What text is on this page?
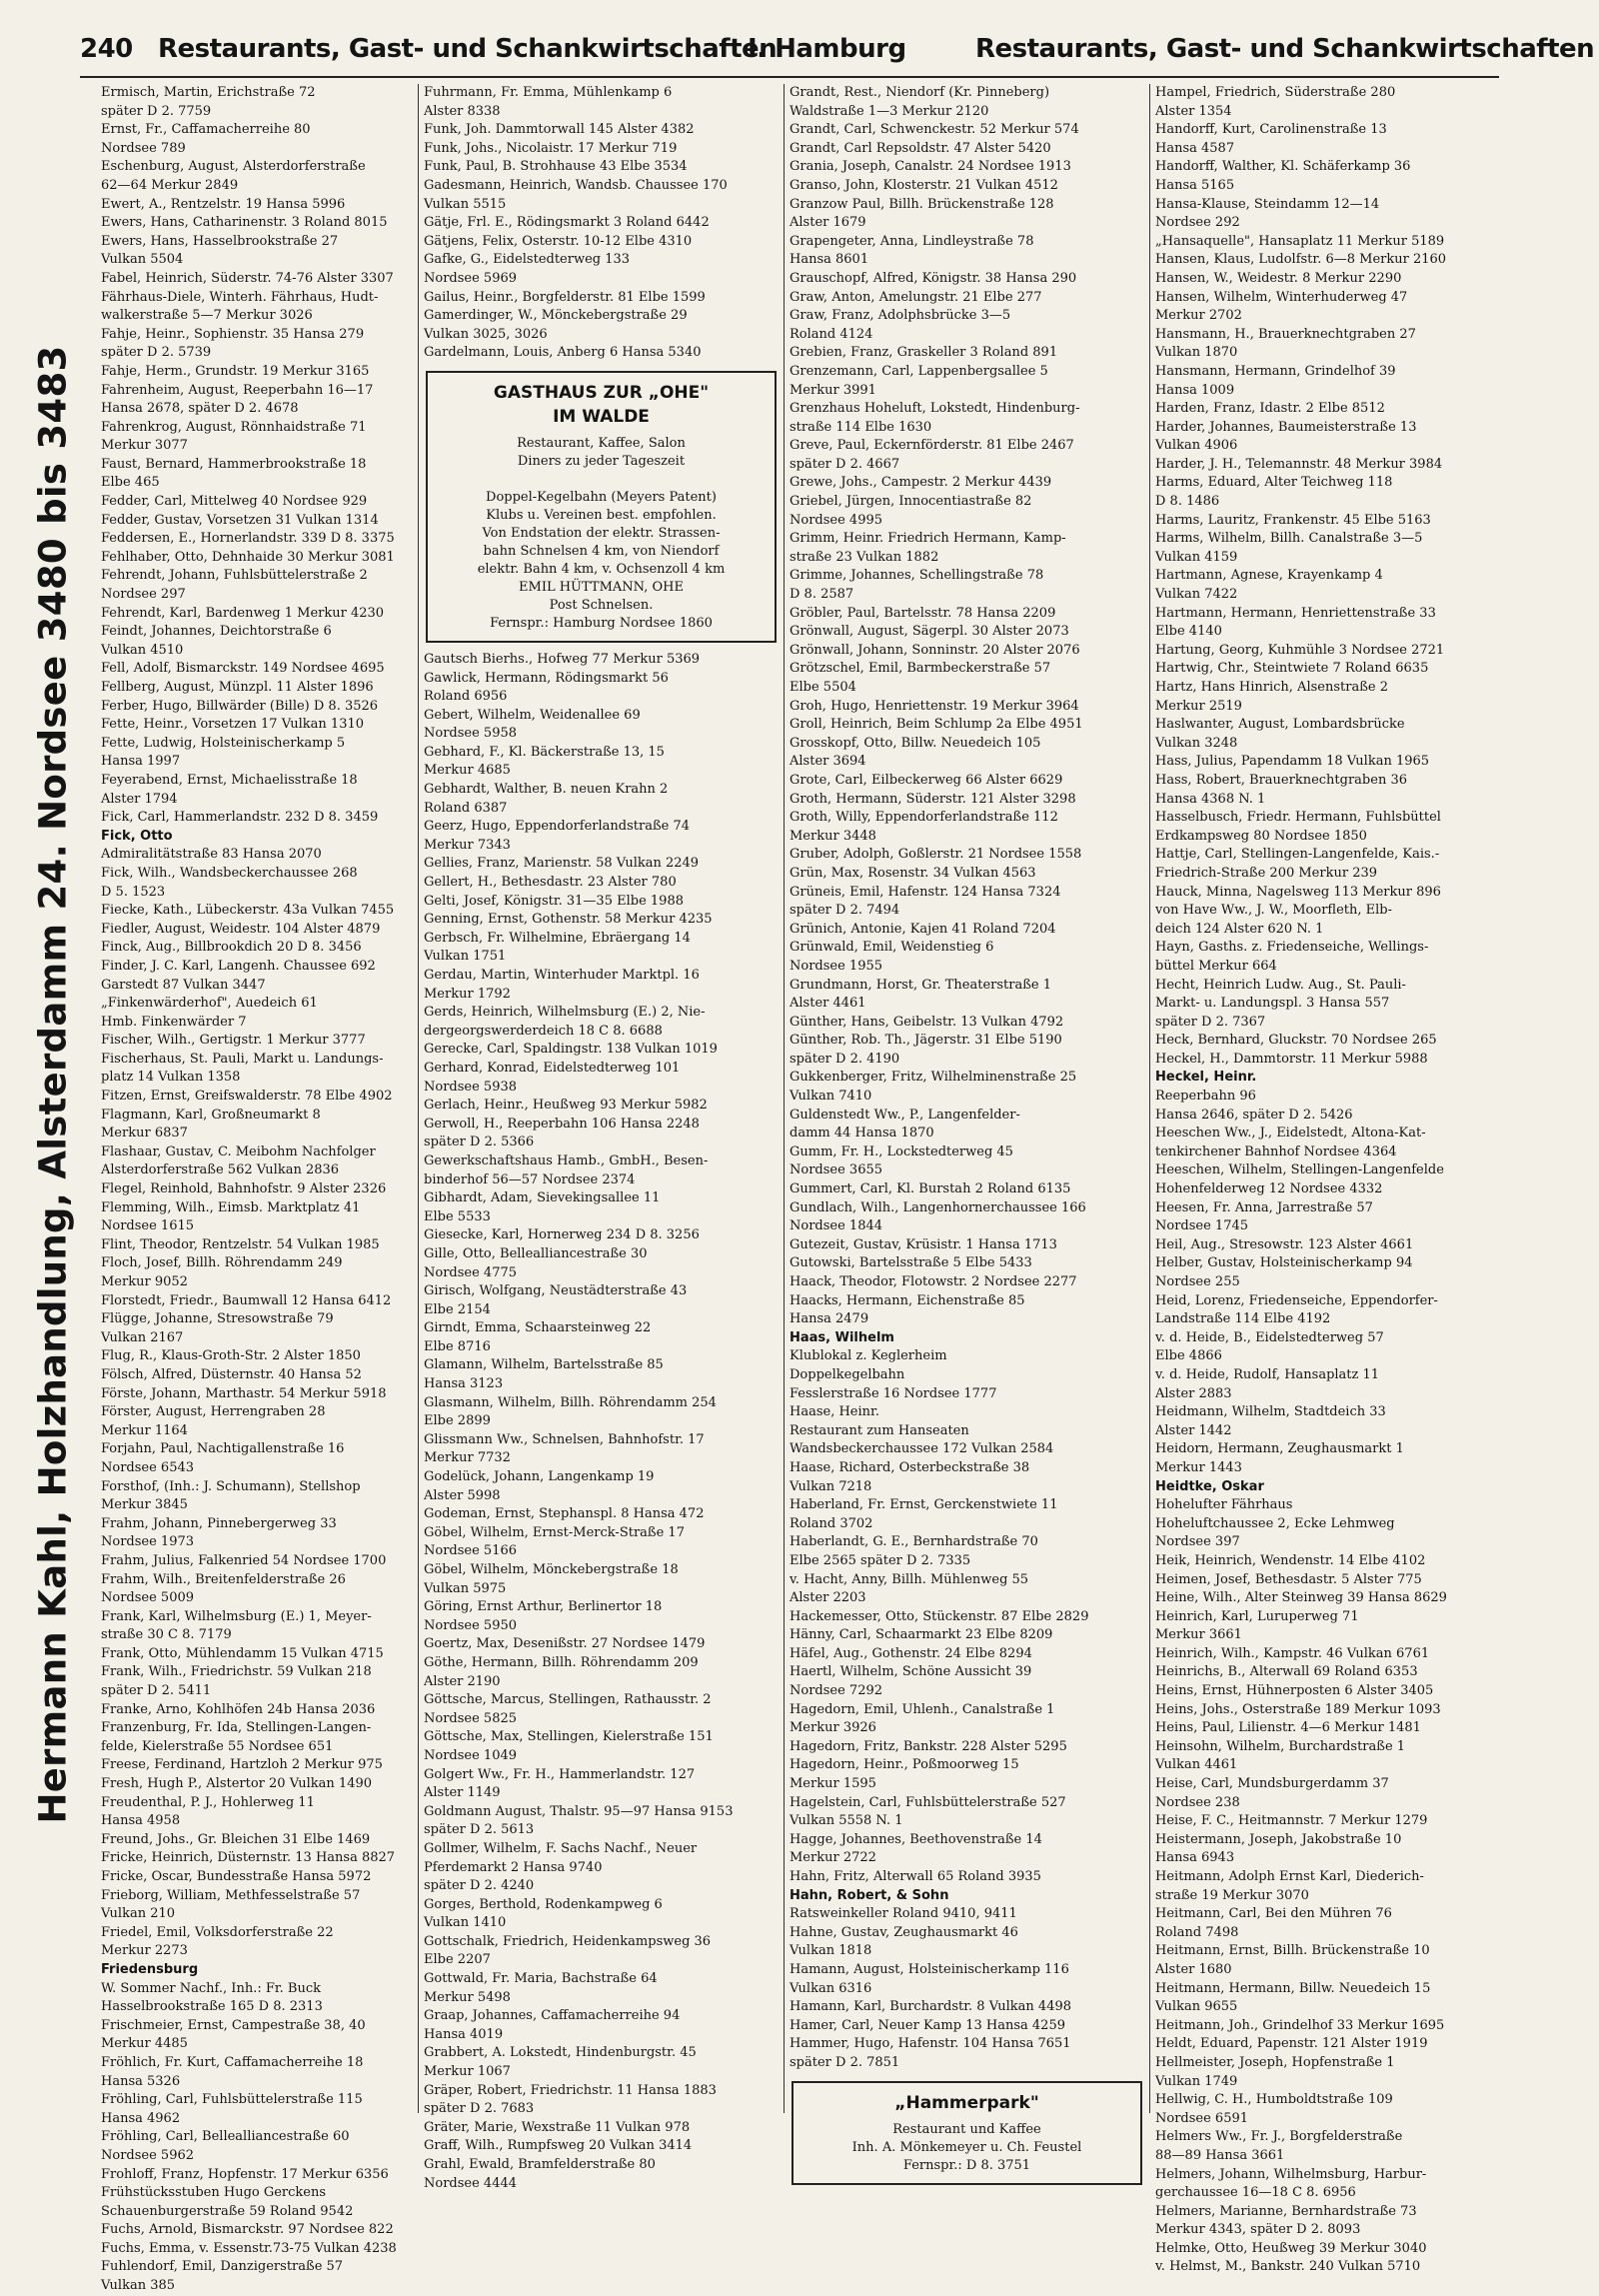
240 Restaurants, Gast- und Schankwirtschaften
I. Hamburg	Restaurants, Gast- und Schankwirtschaften
Hermann Kahl, Holzhandlung, Alsterdamm 24. Nordsee 3480 bis 3483
Ermisch, Martin, Erichstraße 72
später D 2. 7759
Ernst, Fr., Caffamacherreihe 80
Nordsee 789
Eschenburg, August, Alsterdorferstraße
62—64 Merkur 2849
Ewert, A., Rentzelstr. 19 Hansa 5996
Ewers, Hans, Catharinenstr. 3 Roland 8015
Ewers, Hans, Hasselbrookstraße 27
Vulkan 5504
Fabel, Heinrich, Süderstr. 74-76 Alster 3307
Fährhaus-Diele, Winterh. Fährhaus, Hudt-
walkerstraße 5—7 Merkur 3026
Fahje, Heinr., Sophienstr. 35 Hansa 279
später D 2. 5739
Fahje, Herm., Grundstr. 19 Merkur 3165
Fahrenheim, August, Reeperbahn 16—17
Hansa 2678, später D 2. 4678
Fahrenkrog, August, Rönnhaidstraße 71
Merkur 3077
Faust, Bernard, Hammerbrookstraße 18
Elbe 465
Fedder, Carl, Mittelweg 40 Nordsee 929
Fedder, Gustav, Vorsetzen 31 Vulkan 1314
Feddersen, E., Hornerlandstr. 339 D 8. 3375
Fehlhaber, Otto, Dehnhaide 30 Merkur 3081
Fehrendt, Johann, Fuhlsbüttelerstraße 2
Nordsee 297
Fehrendt, Karl, Bardenweg 1 Merkur 4230
Feindt, Johannes, Deichtorstraße 6
Vulkan 4510
Fell, Adolf, Bismarckstr. 149 Nordsee 4695
Fellberg, August, Münzpl. 11 Alster 1896
Ferber, Hugo, Billwärder (Bille) D 8. 3526
Fette, Heinr., Vorsetzen 17 Vulkan 1310
Fette, Ludwig, Holsteinischerkamp 5
Hansa 1997
Feyerabend, Ernst, Michaelisstraße 18
Alster 1794
Fick, Carl, Hammerlandstr. 232 D 8. 3459
Fick, Otto
Admiralitätstraße 83 Hansa 2070
Fick, Wilh., Wandsbeckerchaussee 268
D 5. 1523
Fiecke, Kath., Lübeckerstr. 43a Vulkan 7455
Fiedler, August, Weidestr. 104 Alster 4879
Finck, Aug., Billbrookdich 20 D 8. 3456
Finder, J. C. Karl, Langenh. Chaussee 692
Garstedt 87 Vulkan 3447
„Finkenwärderhof", Auedeich 61
Hmb. Finkenwärder 7
Fischer, Wilh., Gertigstr. 1 Merkur 3777
Fischerhaus, St. Pauli, Markt u. Landungs-
platz 14 Vulkan 1358
Fitzen, Ernst, Greifswalderstr. 78 Elbe 4902
Flagmann, Karl, Großneumarkt 8
Merkur 6837
Flashaar, Gustav, C. Meibohm Nachfolger
Alsterdorferstraße 562 Vulkan 2836
Flegel, Reinhold, Bahnhofstr. 9 Alster 2326
Flemming, Wilh., Eimsb. Marktplatz 41
Nordsee 1615
Flint, Theodor, Rentzelstr. 54 Vulkan 1985
Floch, Josef, Billh. Röhrendamm 249
Merkur 9052
Florstedt, Friedr., Baumwall 12 Hansa 6412
Flügge, Johanne, Stresowstraße 79
Vulkan 2167
Flug, R., Klaus-Groth-Str. 2 Alster 1850
Fölsch, Alfred, Düsternstr. 40 Hansa 52
Förste, Johann, Marthastr. 54 Merkur 5918
Förster, August, Herrengraben 28
Merkur 1164
Forjahn, Paul, Nachtigallenstraße 16
Nordsee 6543
Forsthof, (Inh.: J. Schumann), Stellshop
Merkur 3845
Frahm, Johann, Pinnebergerweg 33
Nordsee 1973
Frahm, Julius, Falkenried 54 Nordsee 1700
Frahm, Wilh., Breitenfelderstraße 26
Nordsee 5009
Frank, Karl, Wilhelmsburg (E.) 1, Meyer-
straße 30 C 8. 7179
Frank, Otto, Mühlendamm 15 Vulkan 4715
Frank, Wilh., Friedrichstr. 59 Vulkan 218
später D 2. 5411
Franke, Arno, Kohlhöfen 24b Hansa 2036
Franzenburg, Fr. Ida, Stellingen-Langen-
felde, Kielerstraße 55 Nordsee 651
Freese, Ferdinand, Hartzloh 2 Merkur 975
Fresh, Hugh P., Alstertor 20 Vulkan 1490
Freudenthal, P. J., Hohlerweg 11
Hansa 4958
Freund, Johs., Gr. Bleichen 31 Elbe 1469
Fricke, Heinrich, Düsternstr. 13 Hansa 8827
Fricke, Oscar, Bundesstraße Hansa 5972
Frieborg, William, Methfesselstraße 57
Vulkan 210
Friedel, Emil, Volksdorferstraße 22
Merkur 2273
Friedensburg
W. Sommer Nachf., Inh.: Fr. Buck
Hasselbrookstraße 165 D 8. 2313
Frischmeier, Ernst, Campestraße 38, 40
Merkur 4485
Fröhlich, Fr. Kurt, Caffamacherreihe 18
Hansa 5326
Fröhling, Carl, Fuhlsbüttelerstraße 115
Hansa 4962
Fröhling, Carl, Bellealliancestraße 60
Nordsee 5962
Frohloff, Franz, Hopfenstr. 17 Merkur 6356
Frühstücksstuben Hugo Gerckens
Schauenburgerstraße 59 Roland 9542
Fuchs, Arnold, Bismarckstr. 97 Nordsee 822
Fuchs, Emma, v. Essenstr.73-75 Vulkan 4238
Fuhlendorf, Emil, Danzigerstraße 57
Vulkan 385
Fuhrmann, Fr. Emma, Mühlenkamp 6
Alster 8338
Funk, Joh. Dammtorwall 145 Alster 4382
Funk, Johs., Nicolaistr. 17 Merkur 719
Funk, Paul, B. Strohhause 43 Elbe 3534
Gadesmann, Heinrich, Wandsb. Chaussee 170
Vulkan 5515
Gätje, Frl. E., Rödingsmarkt 3 Roland 6442
Gätjens, Felix, Osterstr. 10-12 Elbe 4310
Gafke, G., Eidelstedterweg 133
Nordsee 5969
Gailus, Heinr., Borgfelderstr. 81 Elbe 1599
Gamerdinger, W., Mönckebergstraße 29
Vulkan 3025, 3026
Gardelmann, Louis, Anberg 6 Hansa 5340
GASTHAUS ZUR „OHE"
IM WALDE
Restaurant, Kaffee, Salon
Diners zu jeder Tageszeit

Doppel-Kegelbahn (Meyers Patent)
Klubs u. Vereinen best. empfohlen.
Von Endstation der elektr. Strassen-
bahn Schnelsen 4 km, von Niendorf
elektr. Bahn 4 km, v. Ochsenzoll 4 km
EMIL HÜTTMANN, OHE
Post Schnelsen.
Fernspr.: Hamburg Nordsee 1860
Gautsch Bierhs., Hofweg 77 Merkur 5369
Gawlick, Hermann, Rödingsmarkt 56
Roland 6956
Gebert, Wilhelm, Weidenallee 69
Nordsee 5958
Gebhard, F., Kl. Bäckerstraße 13, 15
Merkur 4685
Gebhardt, Walther, B. neuen Krahn 2
Roland 6387
Geerz, Hugo, Eppendorferlandstraße 74
Merkur 7343
Gellies, Franz, Marienstr. 58 Vulkan 2249
Gellert, H., Bethesdastr. 23 Alster 780
Gelti, Josef, Königstr. 31—35 Elbe 1988
Genning, Ernst, Gothenstr. 58 Merkur 4235
Gerbsch, Fr. Wilhelmine, Ebräergang 14
Vulkan 1751
Gerdau, Martin, Winterhuder Marktpl. 16
Merkur 1792
Gerds, Heinrich, Wilhelmsburg (E.) 2, Nie-
dergeorgswerderdeich 18 C 8. 6688
Gerecke, Carl, Spaldingstr. 138 Vulkan 1019
Gerhard, Konrad, Eidelstedterweg 101
Nordsee 5938
Gerlach, Heinr., Heußweg 93 Merkur 5982
Gerwoll, H., Reeperbahn 106 Hansa 2248
später D 2. 5366
Gewerkschaftshaus Hamb., GmbH., Besen-
binderhof 56—57 Nordsee 2374
Gibhardt, Adam, Sievekingsallee 11
Elbe 5533
Giesecke, Karl, Hornerweg 234 D 8. 3256
Gille, Otto, Bellealliancestraße 30
Nordsee 4775
Girisch, Wolfgang, Neustädterstraße 43
Elbe 2154
Girndt, Emma, Schaarsteinweg 22
Elbe 8716
Glamann, Wilhelm, Bartelsstraße 85
Hansa 3123
Glasmann, Wilhelm, Billh. Röhrendamm 254
Elbe 2899
Glissmann Ww., Schnelsen, Bahnhofstr. 17
Merkur 7732
Godelück, Johann, Langenkamp 19
Alster 5998
Godeman, Ernst, Stephanspl. 8 Hansa 472
Göbel, Wilhelm, Ernst-Merck-Straße 17
Nordsee 5166
Göbel, Wilhelm, Mönckebergstraße 18
Vulkan 5975
Göring, Ernst Arthur, Berlinertor 18
Nordsee 5950
Goertz, Max, Desenißstr. 27 Nordsee 1479
Göthe, Hermann, Billh. Röhrendamm 209
Alster 2190
Göttsche, Marcus, Stellingen, Rathausstr. 2
Nordsee 5825
Göttsche, Max, Stellingen, Kielerstraße 151
Nordsee 1049
Golgert Ww., Fr. H., Hammerlandstr. 127
Alster 1149
Goldmann August, Thalstr. 95—97 Hansa 9153
später D 2. 5613
Gollmer, Wilhelm, F. Sachs Nachf., Neuer
Pferdemarkt 2 Hansa 9740
später D 2. 4240
Gorges, Berthold, Rodenkampweg 6
Vulkan 1410
Gottschalk, Friedrich, Heidenkampsweg 36
Elbe 2207
Gottwald, Fr. Maria, Bachstraße 64
Merkur 5498
Graap, Johannes, Caffamacherreihe 94
Hansa 4019
Grabbert, A. Lokstedt, Hindenburgstr. 45
Merkur 1067
Gräper, Robert, Friedrichstr. 11 Hansa 1883
später D 2. 7683
Gräter, Marie, Wexstraße 11 Vulkan 978
Graff, Wilh., Rumpfsweg 20 Vulkan 3414
Grahl, Ewald, Bramfelderstraße 80
Nordsee 4444
Grandt, Rest., Niendorf (Kr. Pinneberg)
Waldstraße 1—3 Merkur 2120
Grandt, Carl, Schwenckestr. 52 Merkur 574
Grandt, Carl Repsoldstr. 47 Alster 5420
Grania, Joseph, Canalstr. 24 Nordsee 1913
Granso, John, Klosterstr. 21 Vulkan 4512
Granzow Paul, Billh. Brückenstraße 128
Alster 1679
Grapengeter, Anna, Lindleystraße 78
Hansa 8601
Grauschopf, Alfred, Königstr. 38 Hansa 290
Graw, Anton, Amelungstr. 21 Elbe 277
Graw, Franz, Adolphsbrücke 3—5
Roland 4124
Grebien, Franz, Graskeller 3 Roland 891
Grenzemann, Carl, Lappenbergsallee 5
Merkur 3991
Grenzhaus Hoheluft, Lokstedt, Hindenburg-
straße 114 Elbe 1630
Greve, Paul, Eckernförderstr. 81 Elbe 2467
später D 2. 4667
Grewe, Johs., Campestr. 2 Merkur 4439
Griebel, Jürgen, Innocentiastraße 82
Nordsee 4995
Grimm, Heinr. Friedrich Hermann, Kamp-
straße 23 Vulkan 1882
Grimme, Johannes, Schellingstraße 78
D 8. 2587
Gröbler, Paul, Bartelsstr. 78 Hansa 2209
Grönwall, August, Sägerpl. 30 Alster 2073
Grönwall, Johann, Sonninstr. 20 Alster 2076
Grötzschel, Emil, Barmbeckerstraße 57
Elbe 5504
Groh, Hugo, Henriettenstr. 19 Merkur 3964
Groll, Heinrich, Beim Schlump 2a Elbe 4951
Grosskopf, Otto, Billw. Neuedeich 105
Alster 3694
Grote, Carl, Eilbeckerweg 66 Alster 6629
Groth, Hermann, Süderstr. 121 Alster 3298
Groth, Willy, Eppendorferlandstraße 112
Merkur 3448
Gruber, Adolph, Goßlerstr. 21 Nordsee 1558
Grün, Max, Rosenstr. 34 Vulkan 4563
Grüneis, Emil, Hafenstr. 124 Hansa 7324
später D 2. 7494
Grünich, Antonie, Kajen 41 Roland 7204
Grünwald, Emil, Weidenstieg 6
Nordsee 1955
Grundmann, Horst, Gr. Theaterstraße 1
Alster 4461
Günther, Hans, Geibelstr. 13 Vulkan 4792
Günther, Rob. Th., Jägerstr. 31 Elbe 5190
später D 2. 4190
Gukkenberger, Fritz, Wilhelminenstraße 25
Vulkan 7410
Guldenstedt Ww., P., Langenfelder-
damm 44 Hansa 1870
Gumm, Fr. H., Lockstedterweg 45
Nordsee 3655
Gummert, Carl, Kl. Burstah 2 Roland 6135
Gundlach, Wilh., Langenhornerchaussee 166
Nordsee 1844
Gutezeit, Gustav, Krüsistr. 1 Hansa 1713
Gutowski, Bartelsstraße 5 Elbe 5433
Haack, Theodor, Flotowstr. 2 Nordsee 2277
Haacks, Hermann, Eichenstraße 85
Hansa 2479
Haas, Wilhelm
Klublokal z. Keglerheim
Doppelkegelbahn
Fesslerstraße 16 Nordsee 1777
Haase, Heinr.
Restaurant zum Hanseaten
Wandsbeckerchaussee 172 Vulkan 2584
Haase, Richard, Osterbeckstraße 38
Vulkan 7218
Haberland, Fr. Ernst, Gerckenstwiete 11
Roland 3702
Haberlandt, G. E., Bernhardstraße 70
Elbe 2565 später D 2. 7335
v. Hacht, Anny, Billh. Mühlenweg 55
Alster 2203
Hackemesser, Otto, Stückenstr. 87 Elbe 2829
Hänny, Carl, Schaarmarkt 23 Elbe 8209
Häfel, Aug., Gothenstr. 24 Elbe 8294
Haertl, Wilhelm, Schöne Aussicht 39
Nordsee 7292
Hagedorn, Emil, Uhlenh., Canalstraße 1
Merkur 3926
Hagedorn, Fritz, Bankstr. 228 Alster 5295
Hagedorn, Heinr., Poßmoorweg 15
Merkur 1595
Hagelstein, Carl, Fuhlsbüttelerstraße 527
Vulkan 5558 N. 1
Hagge, Johannes, Beethovenstraße 14
Merkur 2722
Hahn, Fritz, Alterwall 65 Roland 3935
Hahn, Robert, & Sohn
Ratsweinkeller Roland 9410, 9411
Hahne, Gustav, Zeughausmarkt 46
Vulkan 1818
Hamann, August, Holsteinischerkamp 116
Vulkan 6316
Hamann, Karl, Burchardstr. 8 Vulkan 4498
Hamer, Carl, Neuer Kamp 13 Hansa 4259
Hammer, Hugo, Hafenstr. 104 Hansa 7651
später D 2. 7851
„Hammerpark"
Restaurant und Kaffee
Inh. A. Mönkemeyer u. Ch. Feustel
Fernspr.: D 8. 3751
Hampel, Friedrich, Süderstraße 280
Alster 1354
Handorff, Kurt, Carolinenstraße 13
Hansa 4587
Handorff, Walther, Kl. Schäferkamp 36
Hansa 5165
Hansa-Klause, Steindamm 12—14
Nordsee 292
„Hansaquelle", Hansaplatz 11 Merkur 5189
Hansen, Klaus, Ludolfstr. 6—8 Merkur 2160
Hansen, W., Weidestr. 8 Merkur 2290
Hansen, Wilhelm, Winterhuderweg 47
Merkur 2702
Hansmann, H., Brauerknechtgraben 27
Vulkan 1870
Hansmann, Hermann, Grindelhof 39
Hansa 1009
Harden, Franz, Idastr. 2 Elbe 8512
Harder, Johannes, Baumeisterstraße 13
Vulkan 4906
Harder, J. H., Telemannstr. 48 Merkur 3984
Harms, Eduard, Alter Teichweg 118
D 8. 1486
Harms, Lauritz, Frankenstr. 45 Elbe 5163
Harms, Wilhelm, Billh. Canalstraße 3—5
Vulkan 4159
Hartmann, Agnese, Krayenkamp 4
Vulkan 7422
Hartmann, Hermann, Henriettenstraße 33
Elbe 4140
Hartung, Georg, Kuhmühle 3 Nordsee 2721
Hartwig, Chr., Steintwiete 7 Roland 6635
Hartz, Hans Hinrich, Alsenstraße 2
Merkur 2519
Haslwanter, August, Lombardsbrücke
Vulkan 3248
Hass, Julius, Papendamm 18 Vulkan 1965
Hass, Robert, Brauerknechtgraben 36
Hansa 4368 N. 1
Hasselbusch, Friedr. Hermann, Fuhlsbüttel
Erdkampsweg 80 Nordsee 1850
Hattje, Carl, Stellingen-Langenfelde, Kais.-
Friedrich-Straße 200 Merkur 239
Hauck, Minna, Nagelsweg 113 Merkur 896
von Have Ww., J. W., Moorfleth, Elb-
deich 124 Alster 620 N. 1
Hayn, Gasths. z. Friedenseiche, Wellings-
büttel Merkur 664
Hecht, Heinrich Ludw. Aug., St. Pauli-
Markt- u. Landungspl. 3 Hansa 557
später D 2. 7367
Heck, Bernhard, Gluckstr. 70 Nordsee 265
Heckel, H., Dammtorstr. 11 Merkur 5988
Heckel, Heinr.
Reeperbahn 96
Hansa 2646, später D 2. 5426
Heeschen Ww., J., Eidelstedt, Altona-Kat-
tenkirchener Bahnhof Nordsee 4364
Heeschen, Wilhelm, Stellingen-Langenfelde
Hohenfelderweg 12 Nordsee 4332
Heesen, Fr. Anna, Jarrestraße 57
Nordsee 1745
Heil, Aug., Stresowstr. 123 Alster 4661
Helber, Gustav, Holsteinischerkamp 94
Nordsee 255
Heid, Lorenz, Friedenseiche, Eppendorfer-
Landstraße 114 Elbe 4192
v. d. Heide, B., Eidelstedterweg 57
Elbe 4866
v. d. Heide, Rudolf, Hansaplatz 11
Alster 2883
Heidmann, Wilhelm, Stadtdeich 33
Alster 1442
Heidorn, Hermann, Zeughausmarkt 1
Merkur 1443
Heidtke, Oskar
Hohelufter Fährhaus
Hoheluftchaussee 2, Ecke Lehmweg
Nordsee 397
Heik, Heinrich, Wendenstr. 14 Elbe 4102
Heimen, Josef, Bethesdastr. 5 Alster 775
Heine, Wilh., Alter Steinweg 39 Hansa 8629
Heinrich, Karl, Luruperweg 71
Merkur 3661
Heinrich, Wilh., Kampstr. 46 Vulkan 6761
Heinrichs, B., Alterwall 69 Roland 6353
Heins, Ernst, Hühnerposten 6 Alster 3405
Heins, Johs., Osterstraße 189 Merkur 1093
Heins, Paul, Lilienstr. 4—6 Merkur 1481
Heinsohn, Wilhelm, Burchardstraße 1
Vulkan 4461
Heise, Carl, Mundsburgerdamm 37
Nordsee 238
Heise, F. C., Heitmannstr. 7 Merkur 1279
Heistermann, Joseph, Jakobstraße 10
Hansa 6943
Heitmann, Adolph Ernst Karl, Diederich-
straße 19 Merkur 3070
Heitmann, Carl, Bei den Mühren 76
Roland 7498
Heitmann, Ernst, Billh. Brückenstraße 10
Alster 1680
Heitmann, Hermann, Billw. Neuedeich 15
Vulkan 9655
Heitmann, Joh., Grindelhof 33 Merkur 1695
Heldt, Eduard, Papenstr. 121 Alster 1919
Hellmeister, Joseph, Hopfenstraße 1
Vulkan 1749
Hellwig, C. H., Humboldtstraße 109
Nordsee 6591
Helmers Ww., Fr. J., Borgfelderstraße
88—89 Hansa 3661
Helmers, Johann, Wilhelmsburg, Harbur-
gerchaussee 16—18 C 8. 6956
Helmers, Marianne, Bernhardstraße 73
Merkur 4343, später D 2. 8093
Helmke, Otto, Heußweg 39 Merkur 3040
v. Helmst, M., Bankstr. 240 Vulkan 5710
